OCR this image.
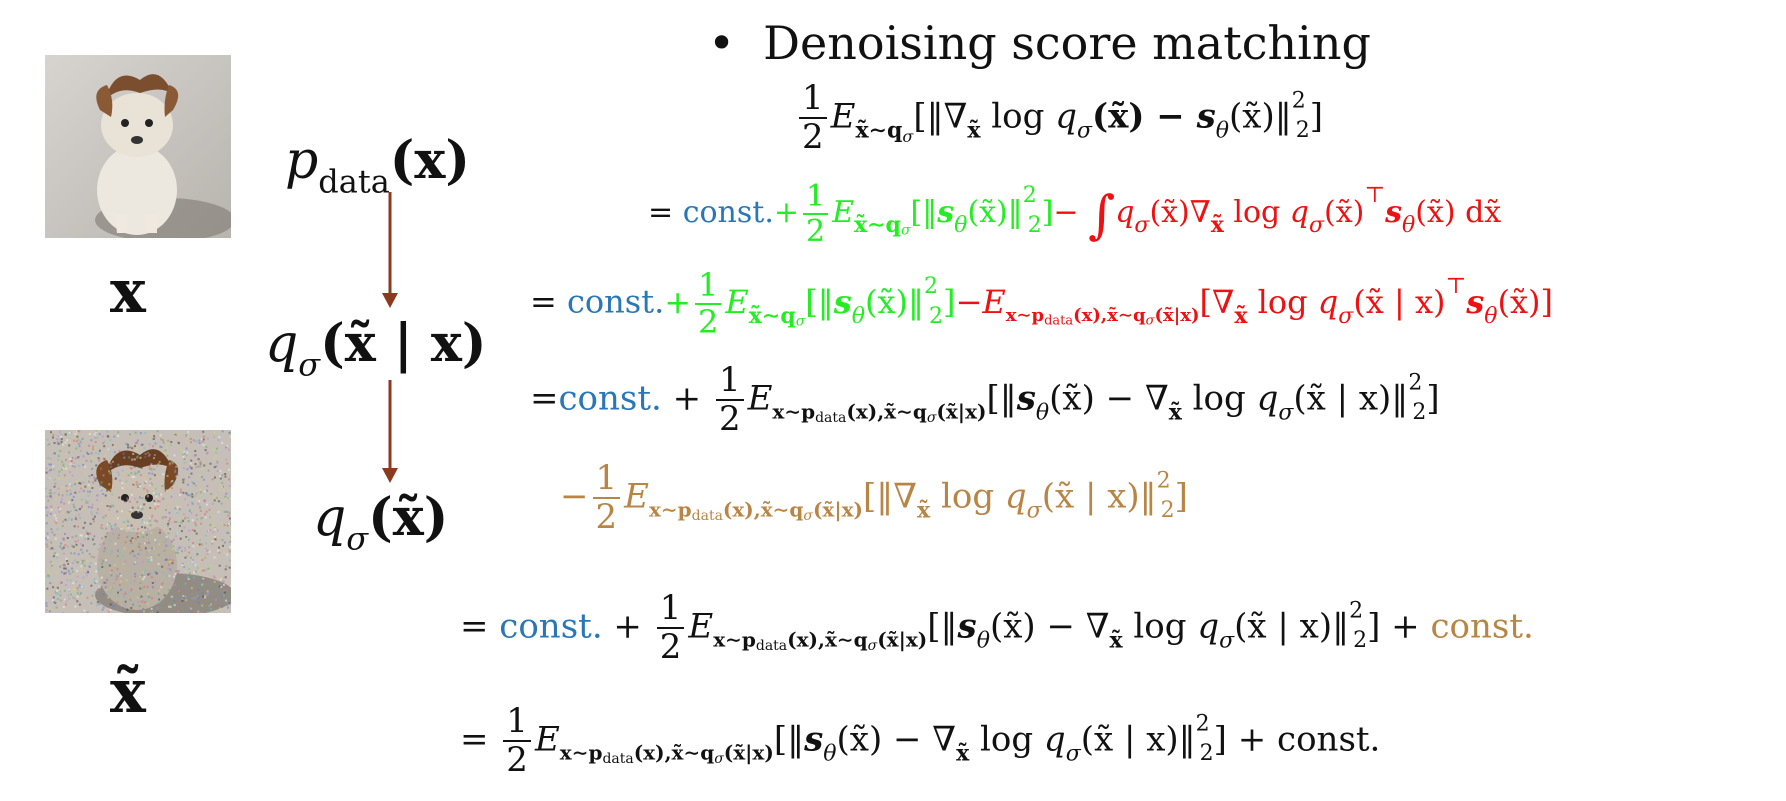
x
x̃
$p_{data}(x)$
$q_\sigma(x̃$ | x)
$q_\sigma(x̃)$
• Denoising score matching
$\frac{1}{2}$ $E_{x̃\sim q\sigma}[‖\nabla_{x̃}$ $\log q_\sigma(x̃)$ − $s_\theta(x̃)‖^2_2$]
= const.+ $\frac{1}{2}$ $E_{x̃\sim q\sigma}[‖s_\theta(x̃)‖^2_2]-$ $\int q_\sigma(x̃)\nabla_{x̃}$ $\log q_\sigma(x̃)^⊤s_\theta(x̃)$ dx̃
= const.+ $\frac{1}{2}$ $E_{x̃\sim q\sigma}[‖s_\theta(x̃)‖^2_2]-E_{x\sim pdata(x),x̃\sim q\sigma(x̃|x)}[\nabla_{x̃}$ $\log q_\sigma(x̃$ | $x)^⊤s_\theta(x̃)$]
=const. + $\frac{1}{2}$ $E_{x\sim pdata(x),x̃\sim q\sigma(x̃|x)}[‖s_\theta(x̃) - \nabla_{x̃}$ $\log q_\sigma(x̃$ | x)‖$^2_2$]
− $\frac{1}{2}$ $E_{x\sim pdata(x),x̃\sim q\sigma(x̃|x)}[‖\nabla_{x̃}$ $\log q_\sigma(x̃$ | x)‖$^2_2$]
= const. + $\frac{1}{2}$ $E_{x\sim pdata(x),x̃\sim q\sigma(x̃|x)}[‖s_\theta(x̃) - \nabla_{x̃}$ $\log q_\sigma(x̃$ | x)‖$^2_2$] + const.
= $\frac{1}{2}$ $E_{x\sim pdata(x),x̃\sim q\sigma(x̃|x)}[‖s_\theta(x̃) - \nabla_{x̃}$ $\log q_\sigma(x̃$ | x)‖$^2_2$] + const.
